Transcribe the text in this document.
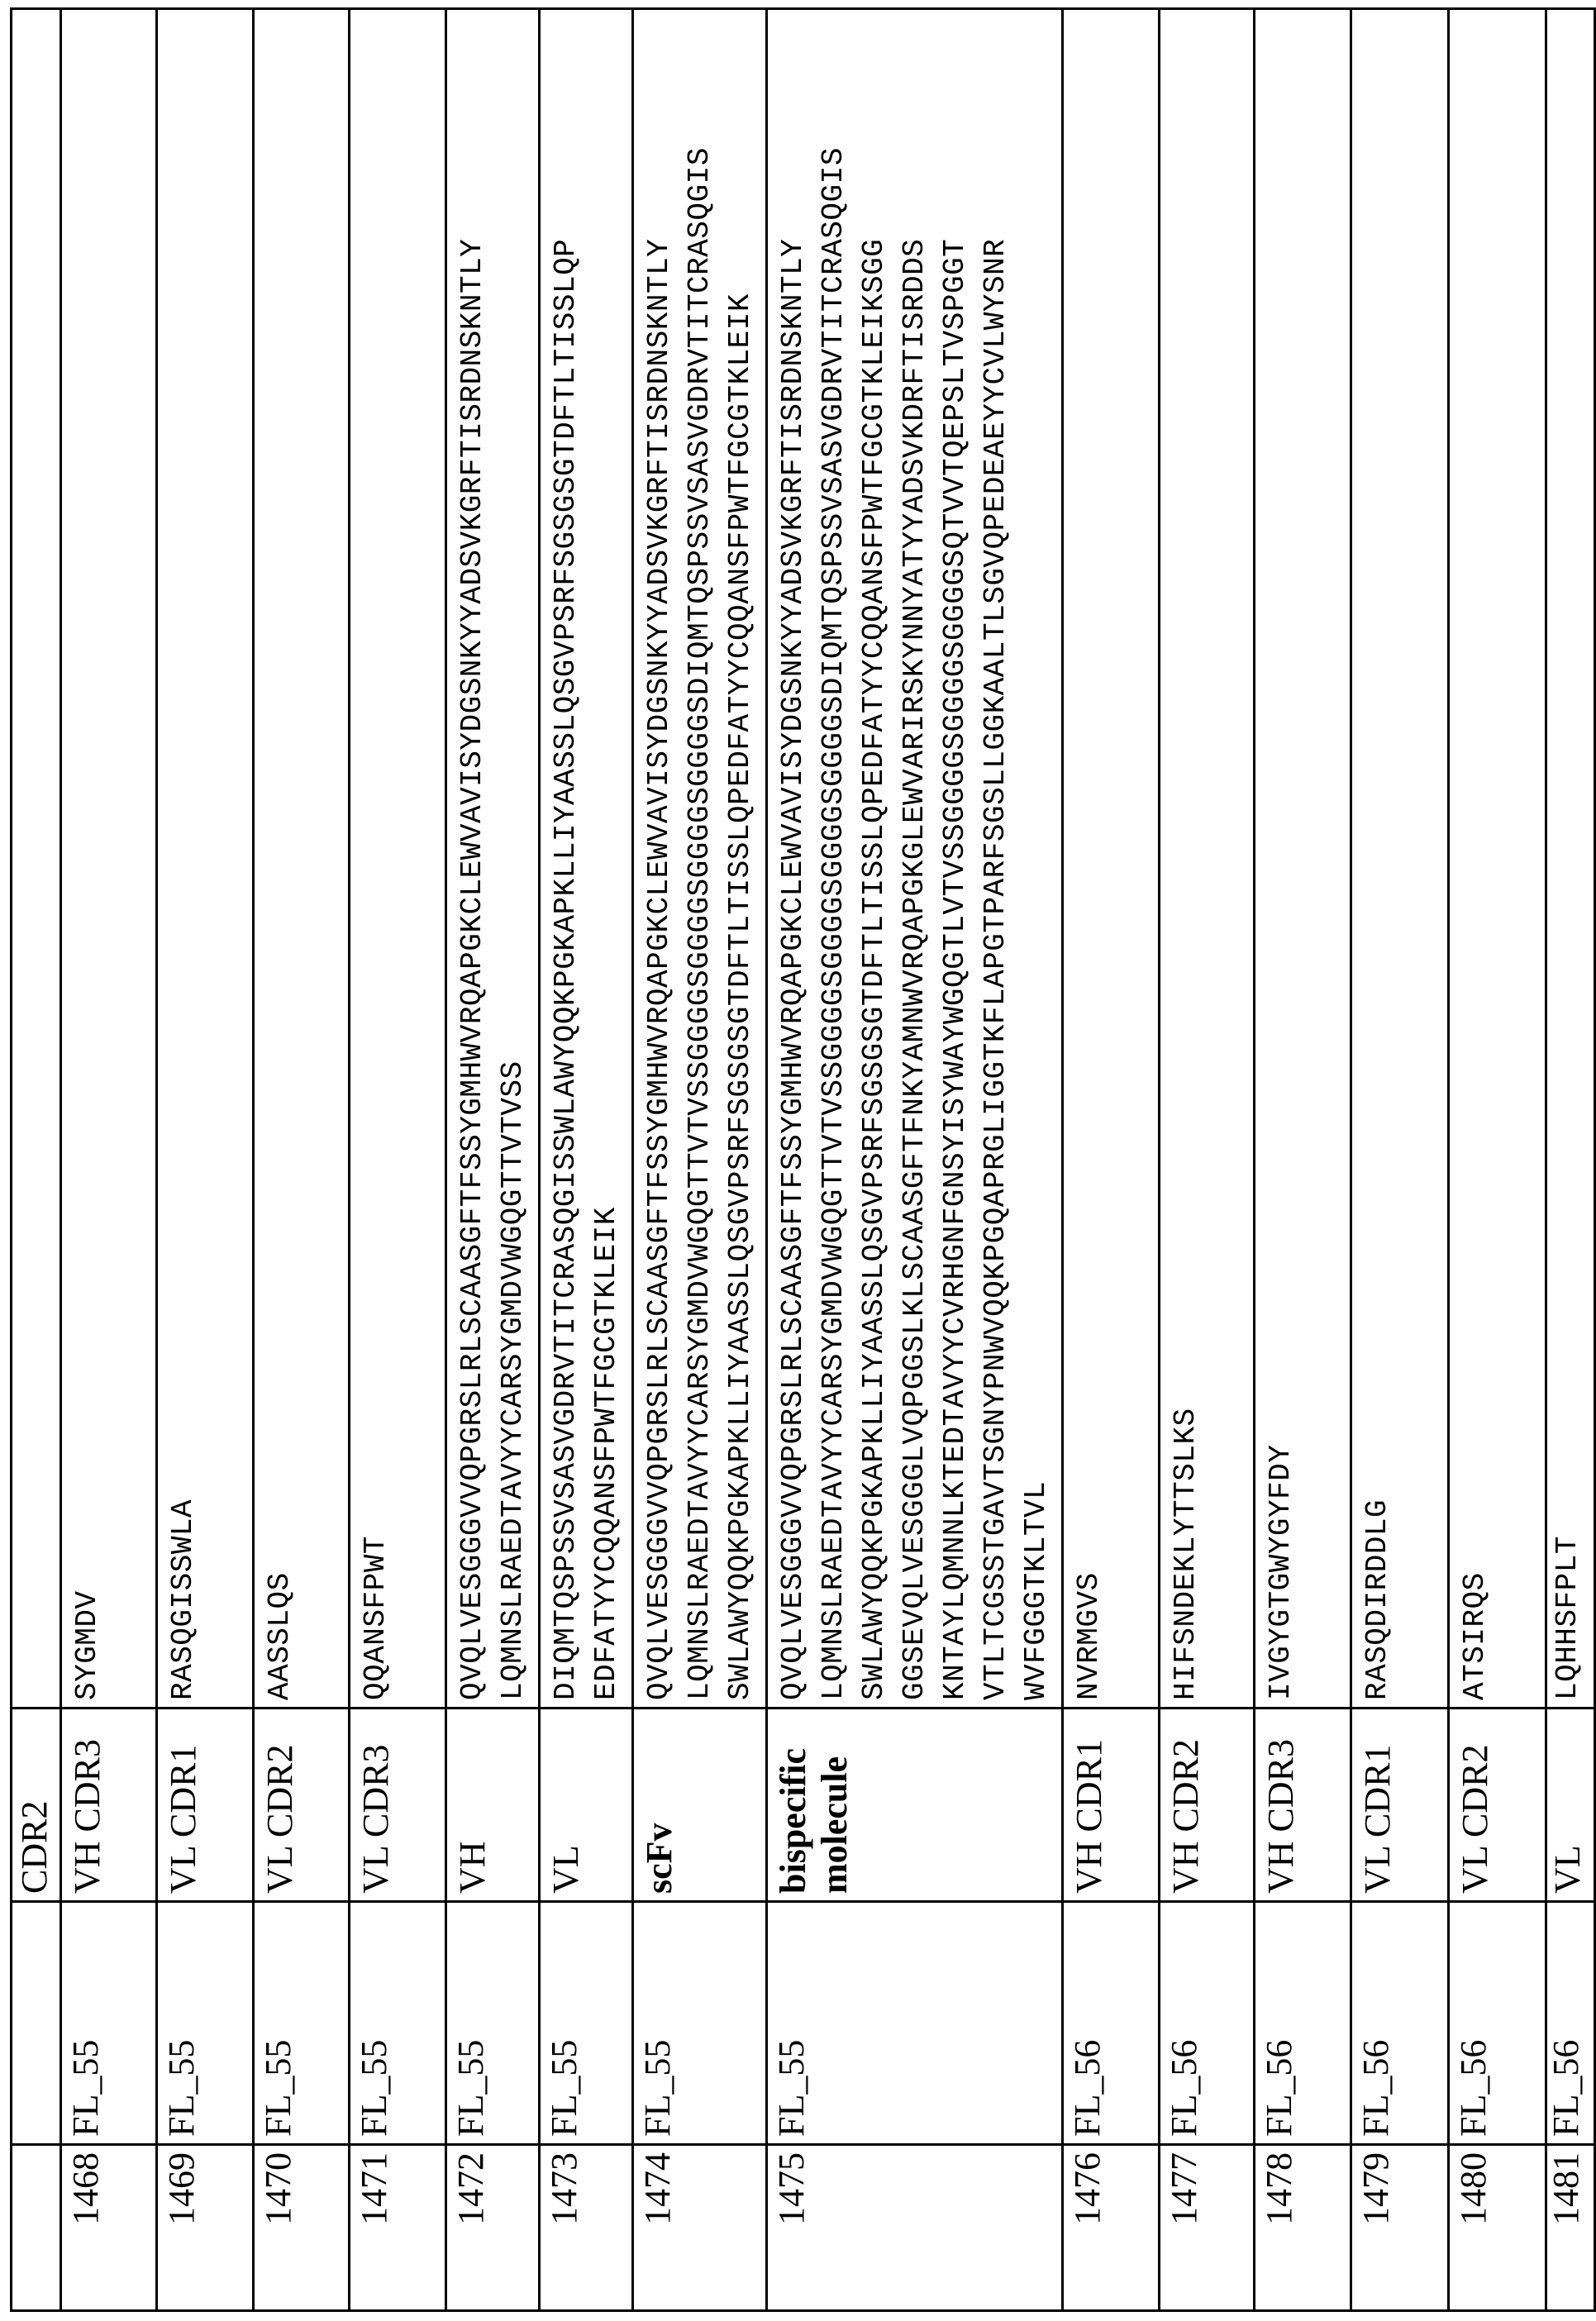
		CDR2	
1468	FL_55	VH CDR3	SYGMDV
1469	FL_55	VL CDR1	RASQGISSWLA
1470	FL_55	VL CDR2	AASSLQS
1471	FL_55	VL CDR3	QQANSFPWT
1472	FL_55	VH	QVQLVESGGGVVQPGRSLRLSCAASGFTFSSYGMHWVRQAPGKCLEWVAVISYDGSNKYYADSVKGRFTISRDNSKNTLY
LQMNSLRAEDTAVYYCARSYGMDVWGQGTTVTVSS
1473	FL_55	VL	DIQMTQSPSSVSASVGDRVTITCRASQGISSWLAWYQQKPGKAPKLLIYAASSLQSGVPSRFSGSGSGTDFTLTISSLQP
EDFATYYCQQANSFPWTFGCGTKLEIK
1474	FL_55	scFv	QVQLVESGGGVVQPGRSLRLSCAASGFTFSSYGMHWVRQAPGKCLEWVAVISYDGSNKYYADSVKGRFTISRDNSKNTLY
LQMNSLRAEDTAVYYCARSYGMDVWGQGTTVTVSSGGGGSGGGGSGGGGSGGGGSDIQMTQSPSSVSASVGDRVTITCRASQGIS
SWLAWYQQKPGKAPKLLIYAASSLQSGVPSRFSGSGSGTDFTLTISSLQPEDFATYYCQQANSFPWTFGCGTKLEIK
1475	FL_55	bispecific molecule	QVQLVESGGGVVQPGRSLRLSCAASGFTFSSYGMHWVRQAPGKCLEWVAVISYDGSNKYYADSVKGRFTISRDNSKNTLY
LQMNSLRAEDTAVYYCARSYGMDVWGQGTTVTVSSGGGGSGGGGSGGGGSGGGGSDIQMTQSPSSVSASVGDRVTITCRASQGIS
SWLAWYQQKPGKAPKLLIYAASSLQSGVPSRFSGSGSGTDFTLTISSLQPEDFATYYCQQANSFPWTFGCGTKLEIKSGG
GGSEVQLVESGGGLVQPGGSLKLSCAASGFTFNKYAMNWVRQAPGKGLEWVARIRSKYNNYATYYADSVKDRFTISRDDS
KNTAYLQMNNLKTEDTAVYYCVRHGNFGNSYISYWAYWGQGTLVTVSSGGGGSGGGGSGGGGSQTVVTQEPSLTVSPGGT
VTLTCGSSTGAVTSGNYPNWVQQKPGQAPRGLIGGTKFLAPGTPARFSGSLLGGKAALTLSGVQPEDEAEYYCVLWYSNR
WVFGGGTKLTVL
1476	FL_56	VH CDR1	NVRMGVS
1477	FL_56	VH CDR2	HIFSNDEKLYTTSLKS
1478	FL_56	VH CDR3	IVGYGTGWYGYFDY
1479	FL_56	VL CDR1	RASQDIRDDLG
1480	FL_56	VL CDR2	ATSIRQS
1481	FL_56	VL	LQHHSFPLT
